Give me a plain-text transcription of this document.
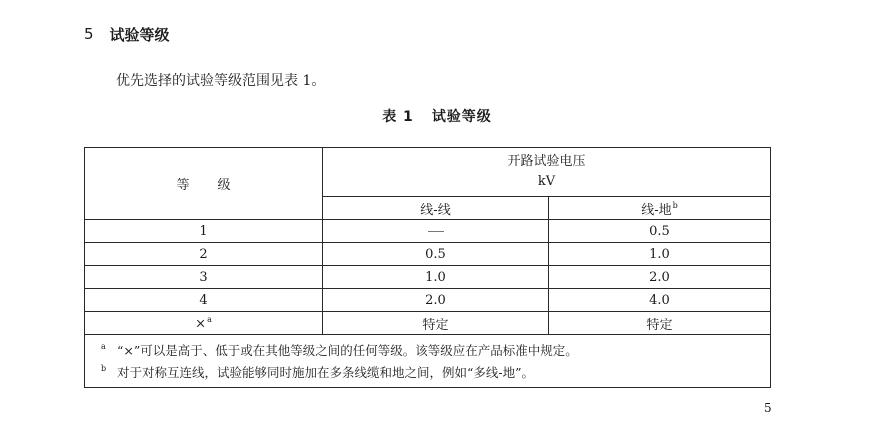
5 试验等级
优先选择的试验等级范围见表 1。
表 1 试验等级
等 级	开路试验电压
kV	

	线-线	线-地$^b$
1		0.5
2	0.5	1.0
3	1.0	2.0
4	2.0	4.0
×$^a$	特定	特定

a “×”可以是高于、低于或在其他等级之间的任何等级。该等级应在产品标准中规定。
b 对于对称互连线，试验能够同时施加在多条线缆和地之间，例如“多线-地”。		
5
